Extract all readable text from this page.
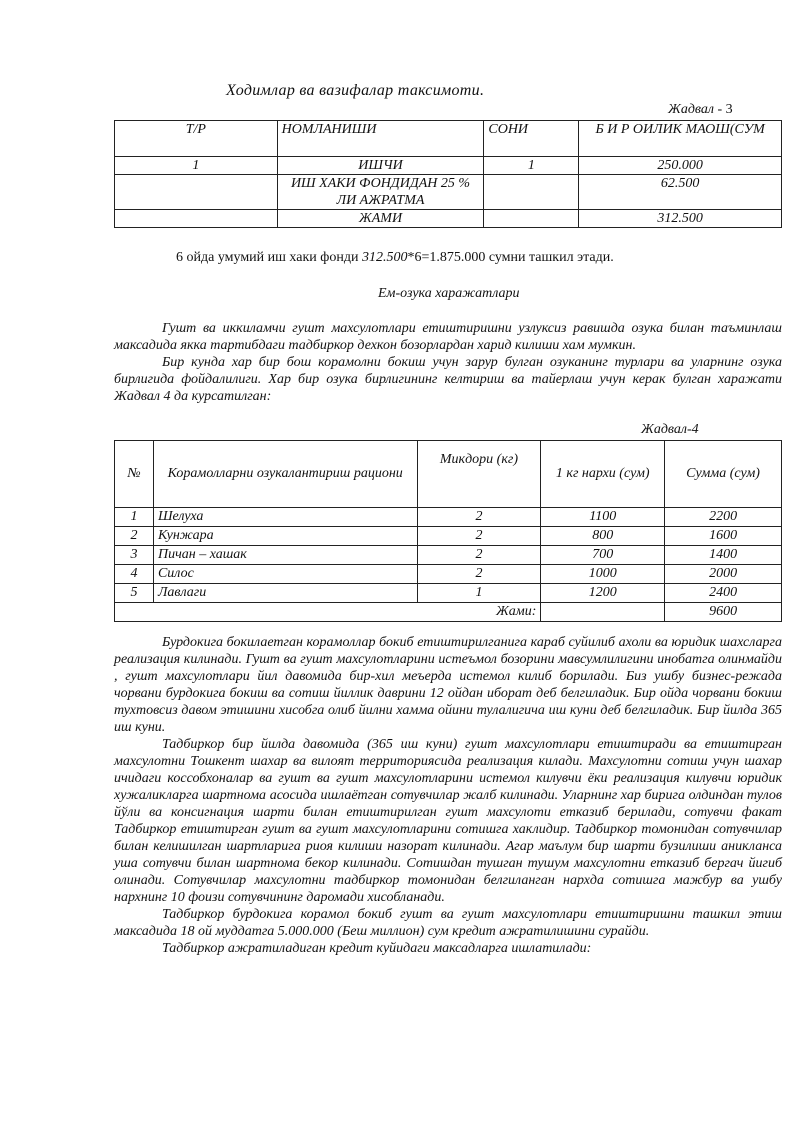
Ходимлар ва вазифалар таксимоти.
Жадвал - 3
Т/Р	НОМЛАНИШИ	СОНИ	Б И Р ОИЛИК МАОШ(СУМ
1	ИШЧИ	1	250.000
	ИШ ХАКИ ФОНДИДАН 25 % ЛИ АЖРАТМА		62.500
	ЖАМИ		312.500
6 ойда умумий иш хаки фонди 312.500*6=1.875.000 сумни ташкил этади.
Ем-озука харажатлари

Гушт ва иккиламчи гушт махсулотлари етиштиришни узлуксиз равишда озука билан таъминлаш максадида якка тартибдаги тадбиркор дехкон бозорлардан харид килиши хам мумкин.

Бир кунда хар бир бош корамолни бокиш учун зарур булган озуканинг турлари ва уларнинг озука бирлигида фойдалилиги. Хар бир озука бирлигининг келтириш ва тайерлаш учун керак булган харажати Жадвал 4 да курсатилган:

Жадвал-4
№	Корамолларни озукалантириш рациони	Микдори (кг)	1 кг нархи (сум)	Сумма (сум)
1	Шелуха	2	1100	2200
2	Кунжара	2	800	1600
3	Пичан – хашак	2	700	1400
4	Силос	2	1000	2000
5	Лавлаги	1	1200	2400
Жами:				9600

Бурдокига бокилаетган корамоллар бокиб етиштирилганига караб суйилиб ахоли ва юридик шахсларга реализация килинади. Гушт ва гушт махсулотларини истеъмол бозорини мавсумлилигини инобатга олинмайди , гушт махсулотлари йил давомида бир-хил меъерда истемол килиб борилади. Биз ушбу бизнес-режада чорвани бурдокига бокиш ва сотиш йиллик даврини 12 ойдан иборат деб белгиладик. Бир ойда чорвани бокиш тухтовсиз давом этишини хисобга олиб йилни хамма ойини тулалигича иш куни деб белгиладик. Бир йилда 365 иш куни.

Тадбиркор бир йилда давомида (365 иш куни) гушт махсулотлари етиштиради ва етиштирган махсулотни Тошкент шахар ва вилоят территориясида реализация килади. Махсулотни сотиш учун шахар ичидаги коссобхоналар ва гушт ва гушт махсулотларини истемол килувчи ёки реализация килувчи юридик хужаликларга шартнома асосида ишлаётган сотувчилар жалб килинади. Уларнинг хар бирига олдиндан тулов йўли ва консигнация шарти билан етиштирилган гушт махсулоти етказиб берилади, сотувчи факат Тадбиркор етиштирган гушт ва гушт махсулотларини сотишга хаклидир. Тадбиркор томонидан сотувчилар билан келишилган шартларига риоя килиши назорат килинади. Агар маълум бир шарти бузилиши аникланса уша сотувчи билан шартнома бекор килинади. Сотишдан тушган тушум махсулотни етказиб бергач йигиб олинади. Сотувчилар махсулотни тадбиркор томонидан белгиланган нархда сотишга мажбур ва ушбу нархнинг 10 фоизи сотувчининг даромади хисобланади.

Тадбиркор бурдокига корамол бокиб гушт ва гушт махсулотлари етиштиришни ташкил этиш максадида 18 ой муддатга 5.000.000 (Беш миллион) сум кредит ажратилишини сурайди.

Тадбиркор ажратиладиган кредит куйидаги максадларга ишлатилади:
